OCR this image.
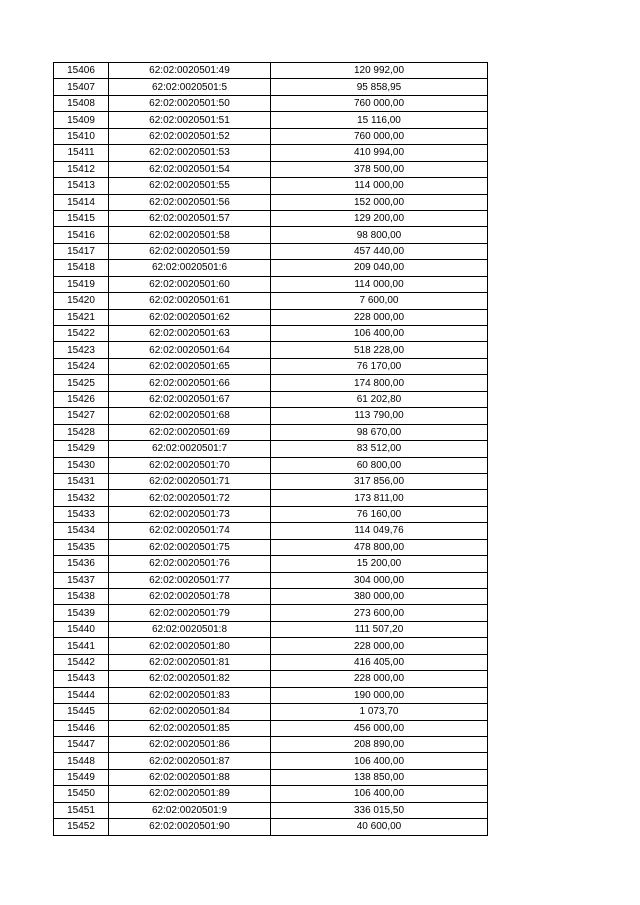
15406	62:02:0020501:49	120 992,00
15407	62:02:0020501:5	95 858,95
15408	62:02:0020501:50	760 000,00
15409	62:02:0020501:51	15 116,00
15410	62:02:0020501:52	760 000,00
15411	62:02:0020501:53	410 994,00
15412	62:02:0020501:54	378 500,00
15413	62:02:0020501:55	114 000,00
15414	62:02:0020501:56	152 000,00
15415	62:02:0020501:57	129 200,00
15416	62:02:0020501:58	98 800,00
15417	62:02:0020501:59	457 440,00
15418	62:02:0020501:6	209 040,00
15419	62:02:0020501:60	114 000,00
15420	62:02:0020501:61	7 600,00
15421	62:02:0020501:62	228 000,00
15422	62:02:0020501:63	106 400,00
15423	62:02:0020501:64	518 228,00
15424	62:02:0020501:65	76 170,00
15425	62:02:0020501:66	174 800,00
15426	62:02:0020501:67	61 202,80
15427	62:02:0020501:68	113 790,00
15428	62:02:0020501:69	98 670,00
15429	62:02:0020501:7	83 512,00
15430	62:02:0020501:70	60 800,00
15431	62:02:0020501:71	317 856,00
15432	62:02:0020501:72	173 811,00
15433	62:02:0020501:73	76 160,00
15434	62:02:0020501:74	114 049,76
15435	62:02:0020501:75	478 800,00
15436	62:02:0020501:76	15 200,00
15437	62:02:0020501:77	304 000,00
15438	62:02:0020501:78	380 000,00
15439	62:02:0020501:79	273 600,00
15440	62:02:0020501:8	111 507,20
15441	62:02:0020501:80	228 000,00
15442	62:02:0020501:81	416 405,00
15443	62:02:0020501:82	228 000,00
15444	62:02:0020501:83	190 000,00
15445	62:02:0020501:84	1 073,70
15446	62:02:0020501:85	456 000,00
15447	62:02:0020501:86	208 890,00
15448	62:02:0020501:87	106 400,00
15449	62:02:0020501:88	138 850,00
15450	62:02:0020501:89	106 400,00
15451	62:02:0020501:9	336 015,50
15452	62:02:0020501:90	40 600,00
